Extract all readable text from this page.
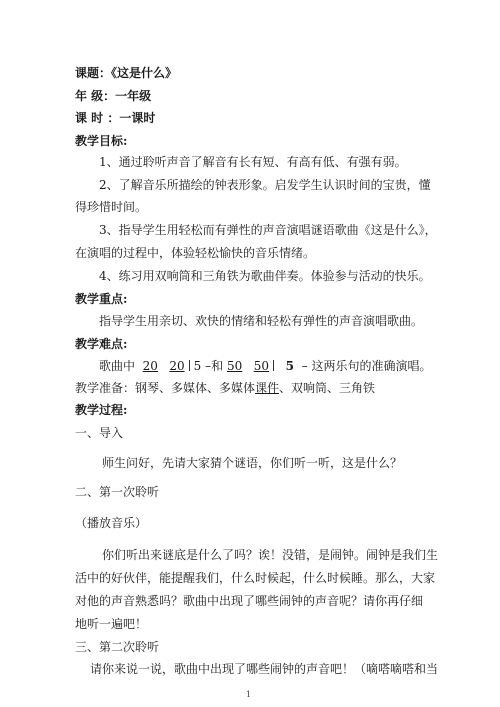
课题：《这是什么》
年 级：一年级
课 时 ：一课时
教学目标:
1、通过聆听声音了解音有长有短、有高有低、有强有弱。
2、了解音乐所描绘的钟表形象。启发学生认识时间的宝贵，懂
得珍惜时间。
3、指导学生用轻松而有弹性的声音演唱谜语歌曲《这是什么》，
在演唱的过程中，体验轻松愉快的音乐情绪。
4、练习用双响筒和三角铁为歌曲伴奏。体验参与活动的快乐。
教学重点:
指导学生用亲切、欢快的情绪和轻松有弹性的声音演唱歌曲。
教学难点:
歌曲中 20 20 5 –和 50 50 5 – 这两乐句的准确演唱。
教学准备：钢琴、多媒体、多媒体课件、双响筒、三角铁
教学过程:
一、导入
师生问好，先请大家猜个谜语，你们听一听，这是什么？
二、第一次聆听
（播放音乐）
你们听出来谜底是什么了吗？诶！没错，是闹钟。闹钟是我们生
活中的好伙伴，能提醒我们，什么时候起，什么时候睡。那么，大家
对他的声音熟悉吗？歌曲中出现了哪些闹钟的声音呢？请你再仔细
地听一遍吧！
1
三、第二次聆听
请你来说一说，歌曲中出现了哪些闹钟的声音吧！（嘀嗒嘀嗒和当
